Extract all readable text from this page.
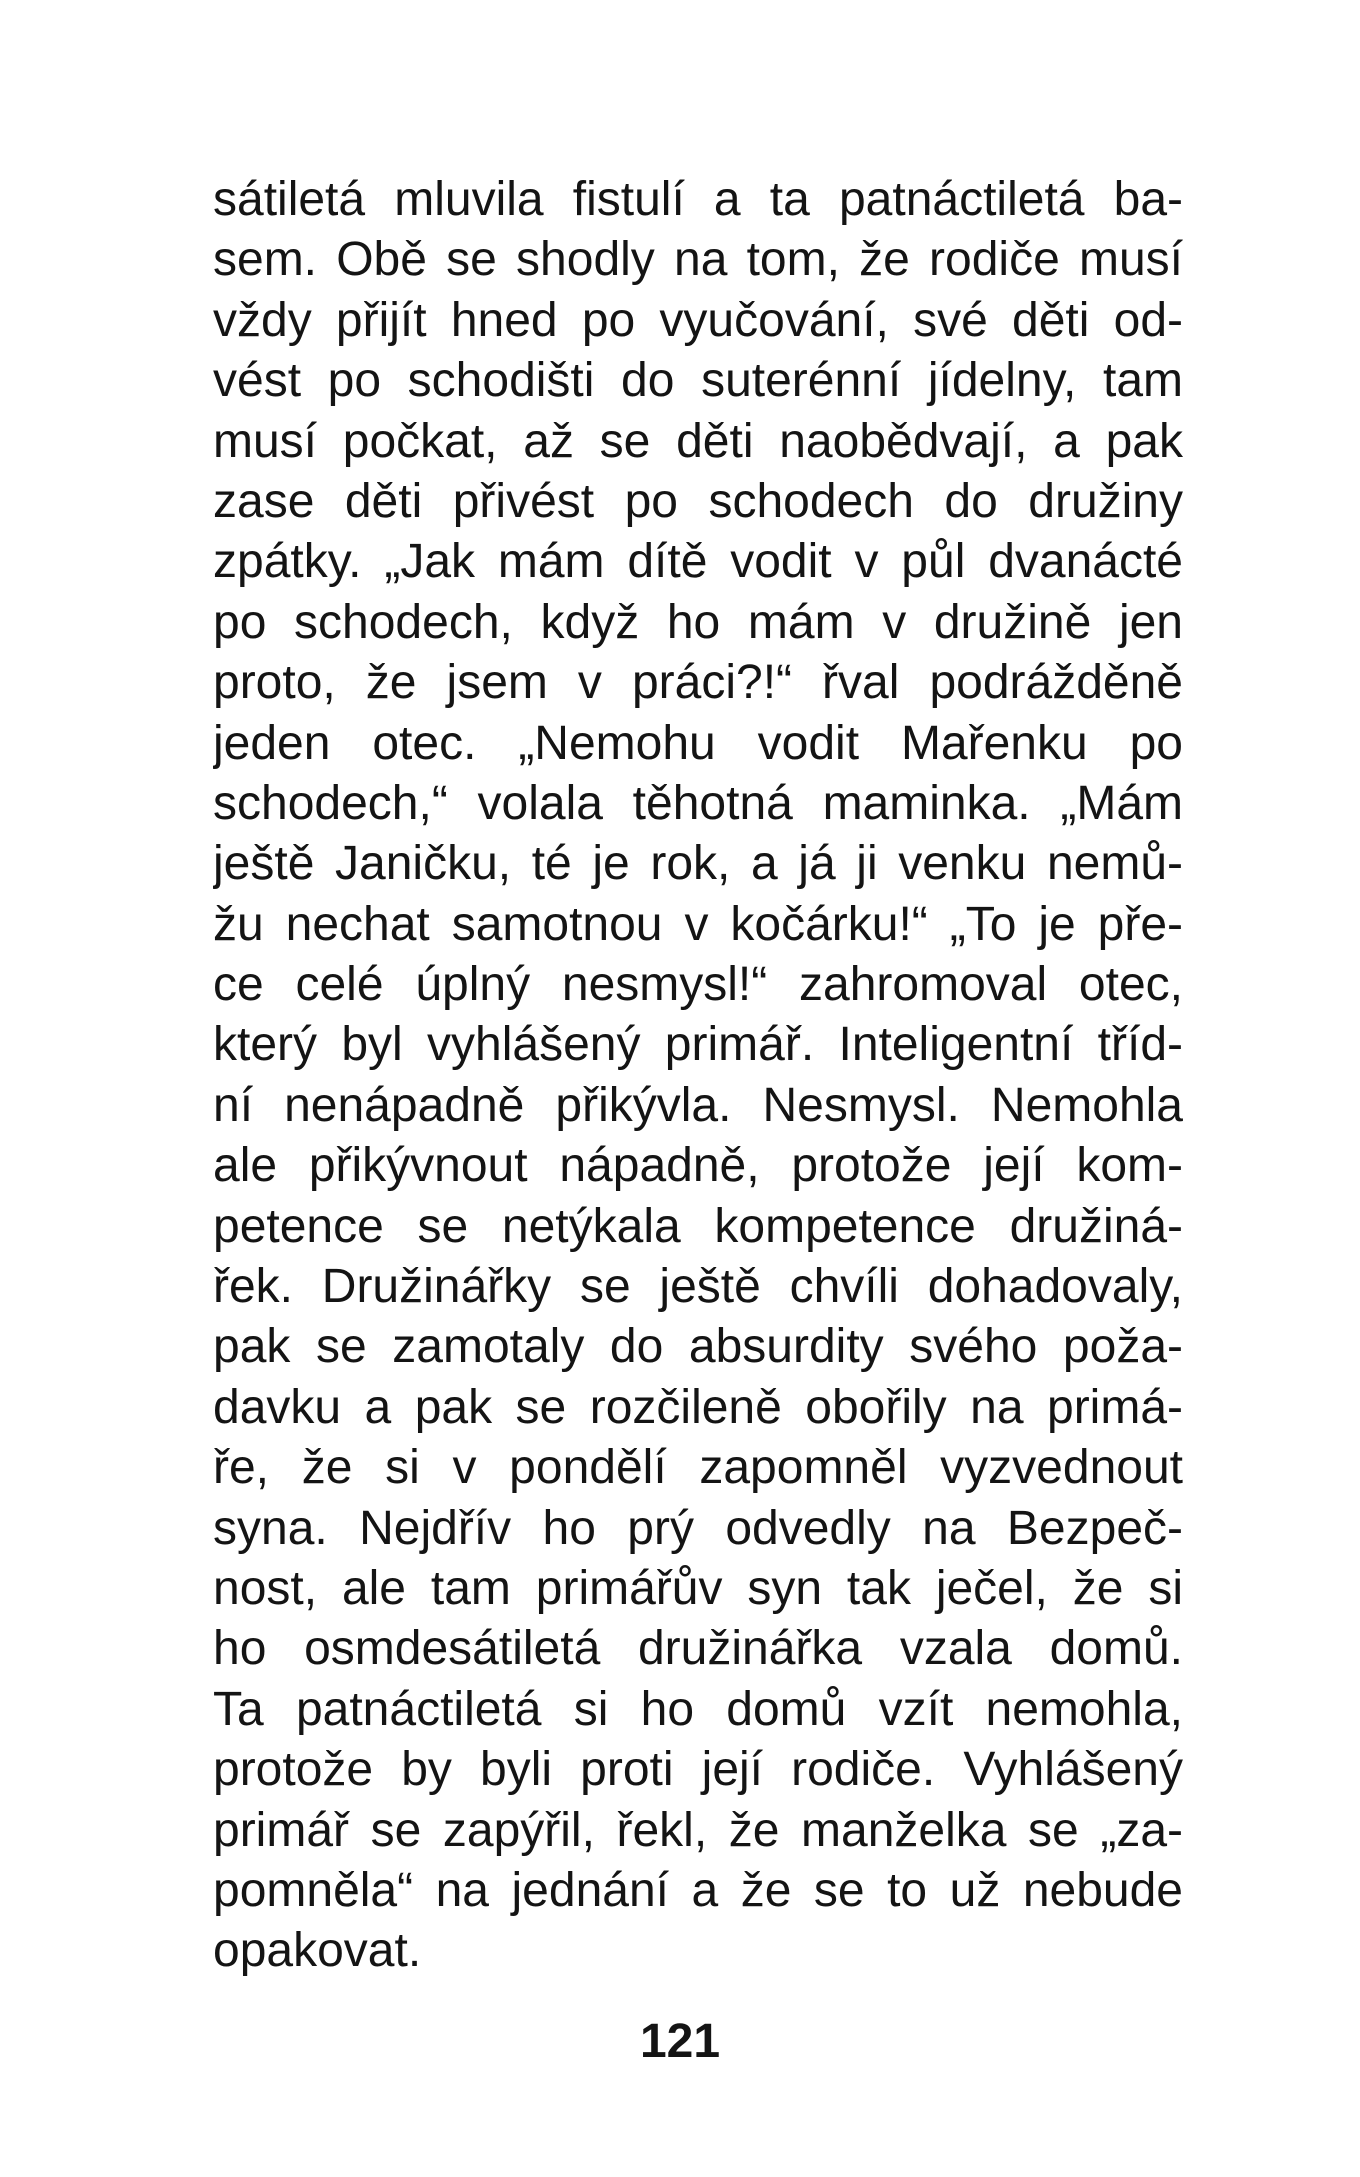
sátiletá mluvila fistulí a ta patnáctiletá ba-
sem. Obě se shodly na tom, že rodiče musí
vždy přijít hned po vyučování, své děti od-
vést po schodišti do suterénní jídelny, tam
musí počkat, až se děti naobědvají, a pak
zase děti přivést po schodech do družiny
zpátky. „Jak mám dítě vodit v půl dvanácté
po schodech, když ho mám v družině jen
proto, že jsem v práci?!“ řval podrážděně
jeden otec. „Nemohu vodit Mařenku po
schodech,“ volala těhotná maminka. „Mám
ještě Janičku, té je rok, a já ji venku nemů-
žu nechat samotnou v kočárku!“ „To je pře-
ce celé úplný nesmysl!“ zahromoval otec,
který byl vyhlášený primář. Inteligentní tříd-
ní nenápadně přikývla. Nesmysl. Nemohla
ale přikývnout nápadně, protože její kom-
petence se netýkala kompetence družiná-
řek. Družinářky se ještě chvíli dohadovaly,
pak se zamotaly do absurdity svého poža-
davku a pak se rozčileně obořily na primá-
ře, že si v pondělí zapomněl vyzvednout
syna. Nejdřív ho prý odvedly na Bezpeč-
nost, ale tam primářův syn tak ječel, že si
ho osmdesátiletá družinářka vzala domů.
Ta patnáctiletá si ho domů vzít nemohla,
protože by byli proti její rodiče. Vyhlášený
primář se zapýřil, řekl, že manželka se „za-
pomněla“ na jednání a že se to už nebude
opakovat.
121
